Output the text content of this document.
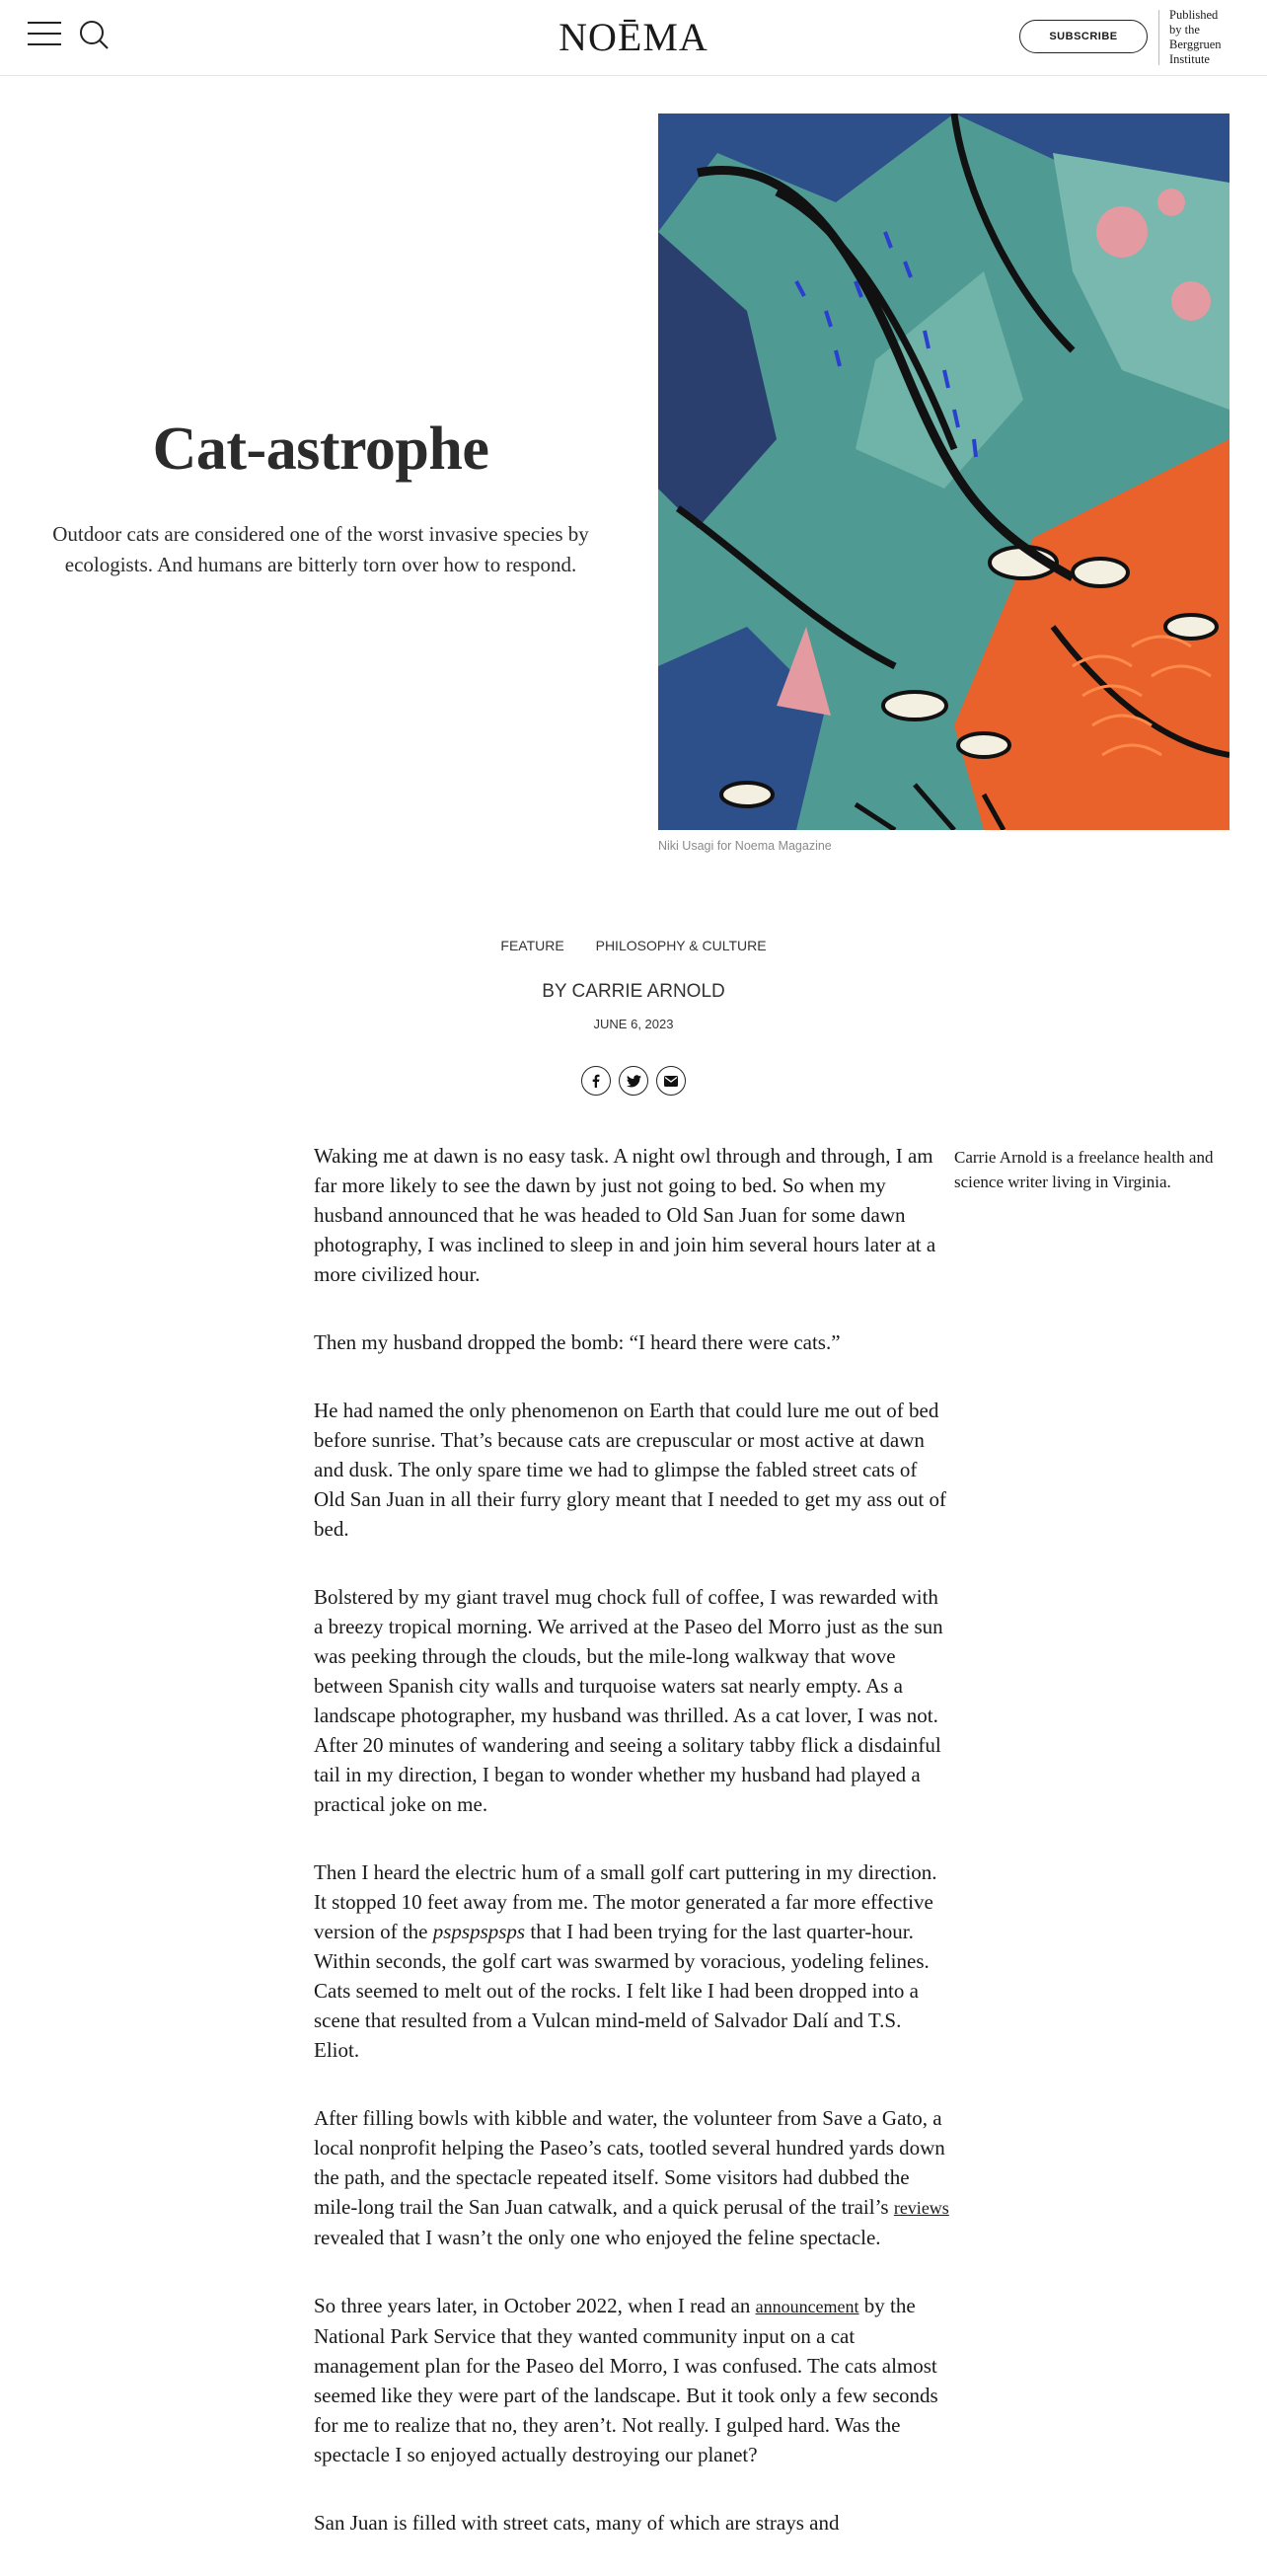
NOĒMA	SUBSCRIBE
Published
by the
Berggruen
Institute
Cat-astrophe

Outdoor cats are considered one of the worst invasive species by ecologists. And humans are bitterly torn over how to respond.

Niki Usagi for Noema Magazine
FEATURE PHILOSOPHY & CULTURE
BY CARRIE ARNOLD
JUNE 6, 2023

Waking me at dawn is no easy task. A night owl through and through, I am far more likely to see the dawn by just not going to bed. So when my husband announced that he was headed to Old San Juan for some dawn photography, I was inclined to sleep in and join him several hours later at a more civilized hour.

Then my husband dropped the bomb: “I heard there were cats.”

He had named the only phenomenon on Earth that could lure me out of bed before sunrise. That’s because cats are crepuscular or most active at dawn and dusk. The only spare time we had to glimpse the fabled street cats of Old San Juan in all their furry glory meant that I needed to get my ass out of bed.

Bolstered by my giant travel mug chock full of coffee, I was rewarded with a breezy tropical morning. We arrived at the Paseo del Morro just as the sun was peeking through the clouds, but the mile-long walkway that wove between Spanish city walls and turquoise waters sat nearly empty. As a landscape photographer, my husband was thrilled. As a cat lover, I was not. After 20 minutes of wandering and seeing a solitary tabby flick a disdainful tail in my direction, I began to wonder whether my husband had played a practical joke on me.

Then I heard the electric hum of a small golf cart puttering in my direction. It stopped 10 feet away from me. The motor generated a far more effective version of the pspspspsps that I had been trying for the last quarter-hour. Within seconds, the golf cart was swarmed by voracious, yodeling felines. Cats seemed to melt out of the rocks. I felt like I had been dropped into a scene that resulted from a Vulcan mind-meld of Salvador Dalí and T.S. Eliot.

After filling bowls with kibble and water, the volunteer from Save a Gato, a local nonprofit helping the Paseo’s cats, tootled several hundred yards down the path, and the spectacle repeated itself. Some visitors had dubbed the mile-long trail the San Juan catwalk, and a quick perusal of the trail’s reviews revealed that I wasn’t the only one who enjoyed the feline spectacle.

So three years later, in October 2022, when I read an announcement by the National Park Service that they wanted community input on a cat management plan for the Paseo del Morro, I was confused. The cats almost seemed like they were part of the landscape. But it took only a few seconds for me to realize that no, they aren’t. Not really. I gulped hard. Was the spectacle I so enjoyed actually destroying our planet?

San Juan is filled with street cats, many of which are strays and

Carrie Arnold is a freelance health and science writer living in Virginia.
